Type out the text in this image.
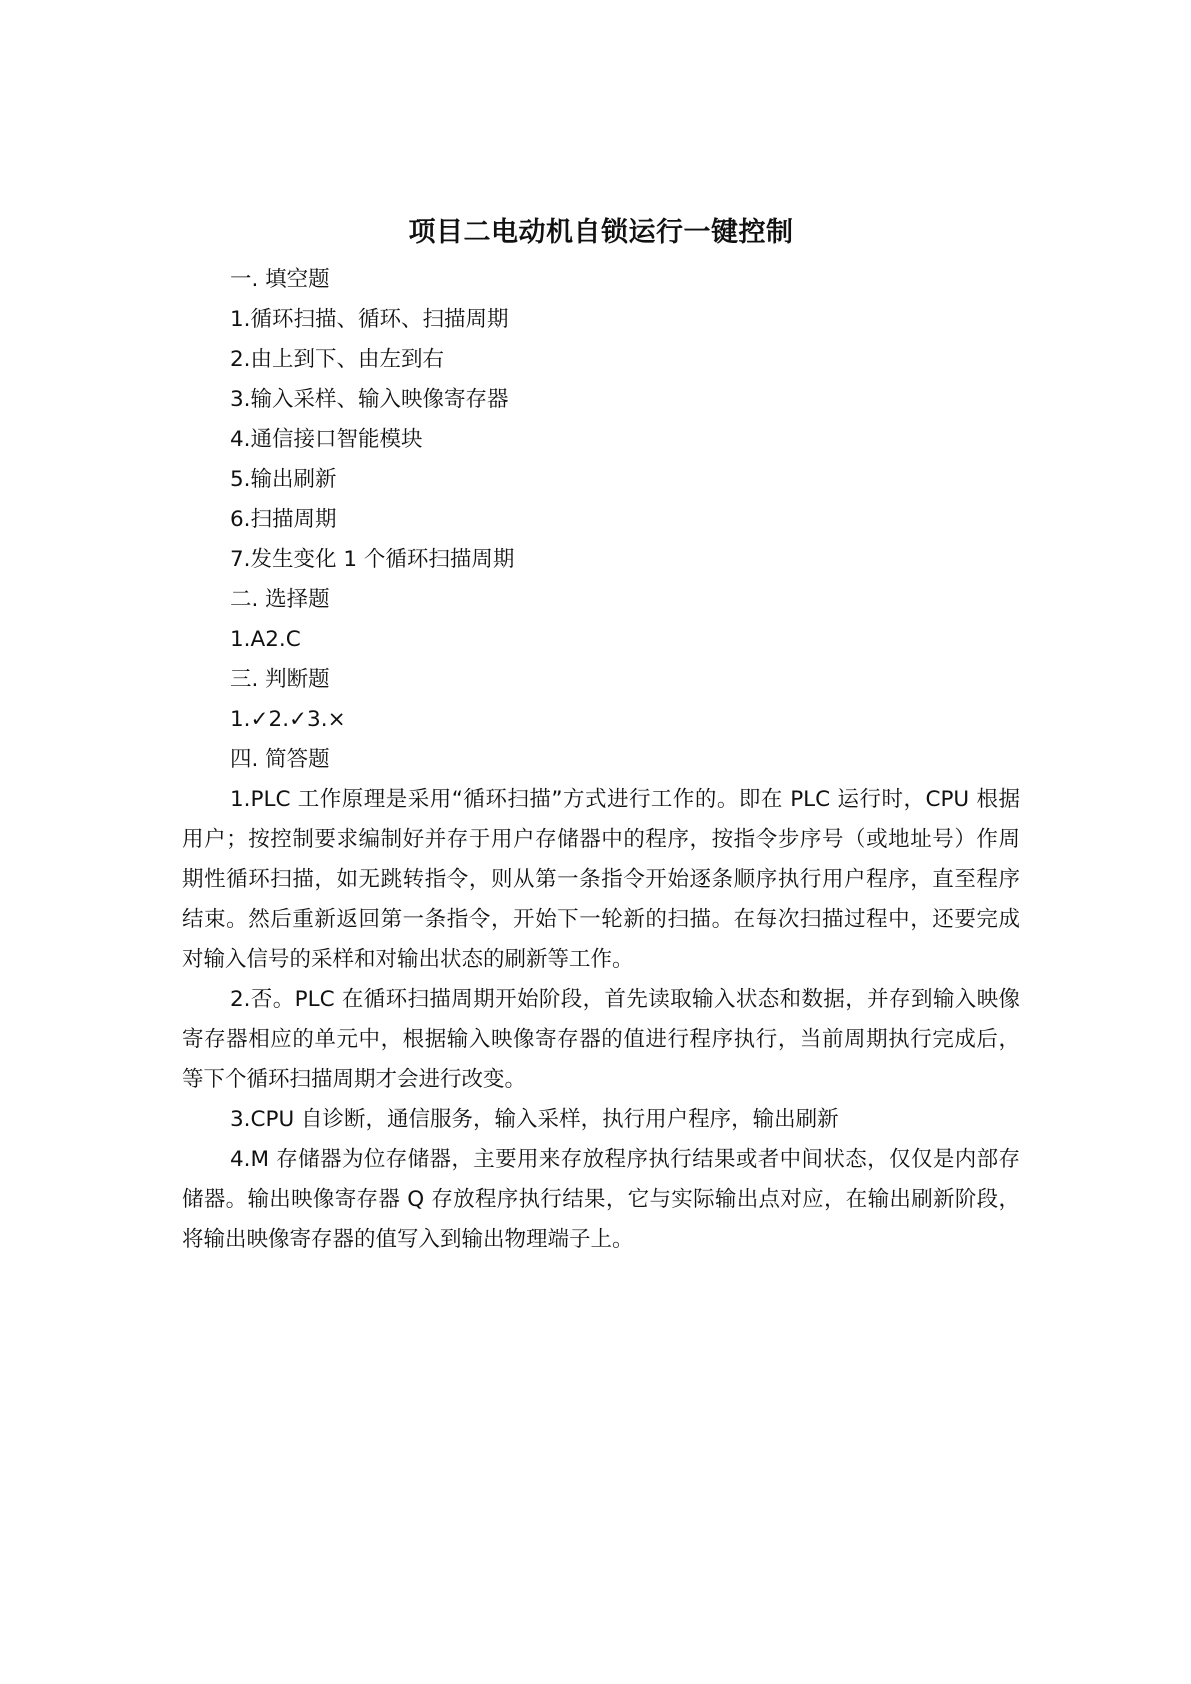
项目二电动机自锁运行一键控制

一. 填空题

1.循环扫描、循环、扫描周期

2.由上到下、由左到右

3.输入采样、输入映像寄存器

4.通信接口智能模块

5.输出刷新

6.扫描周期

7.发生变化 1 个循环扫描周期

二. 选择题

1.A2.C

三. 判断题

1.✓2.✓3.×

四. 简答题

1.PLC 工作原理是采用“循环扫描”方式进行工作的。即在 PLC 运行时，CPU 根据用户；按控制要求编制好并存于用户存储器中的程序，按指令步序号（或地址号）作周期性循环扫描，如无跳转指令，则从第一条指令开始逐条顺序执行用户程序，直至程序结束。然后重新返回第一条指令，开始下一轮新的扫描。在每次扫描过程中，还要完成对输入信号的采样和对输出状态的刷新等工作。

2.否。PLC 在循环扫描周期开始阶段，首先读取输入状态和数据，并存到输入映像寄存器相应的单元中，根据输入映像寄存器的值进行程序执行，当前周期执行完成后，等下个循环扫描周期才会进行改变。

3.CPU 自诊断，通信服务，输入采样，执行用户程序，输出刷新

4.M 存储器为位存储器，主要用来存放程序执行结果或者中间状态，仅仅是内部存储器。输出映像寄存器 Q 存放程序执行结果，它与实际输出点对应，在输出刷新阶段，将输出映像寄存器的值写入到输出物理端子上。
